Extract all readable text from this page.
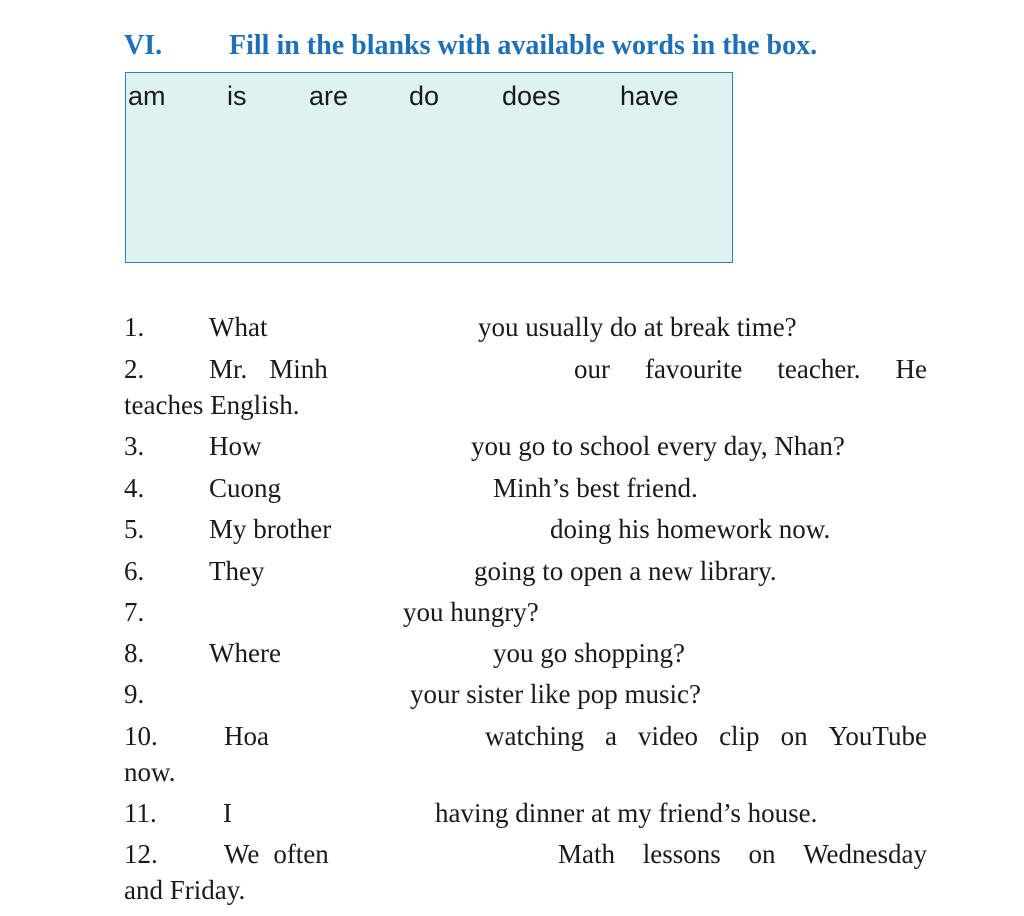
VI. Fill in the blanks with available words in the box.
am is are do does have
1. What	you usually do at break time?
2.	Mr. Minh	our favourite teacher. He
teaches English.
3. How	you go to school every day, Nhan?
4. Cuong	Minh’s best friend.
5. My brother	doing his homework now.
6. They	going to open a new library.
7.	you hungry?
8. Where	you go shopping?
9.	your sister like pop music?
10.	Hoa	watching a video clip on YouTube
now.
11. I	having dinner at my friend’s house.
12.	We often	Math lessons on Wednesday
and Friday.
